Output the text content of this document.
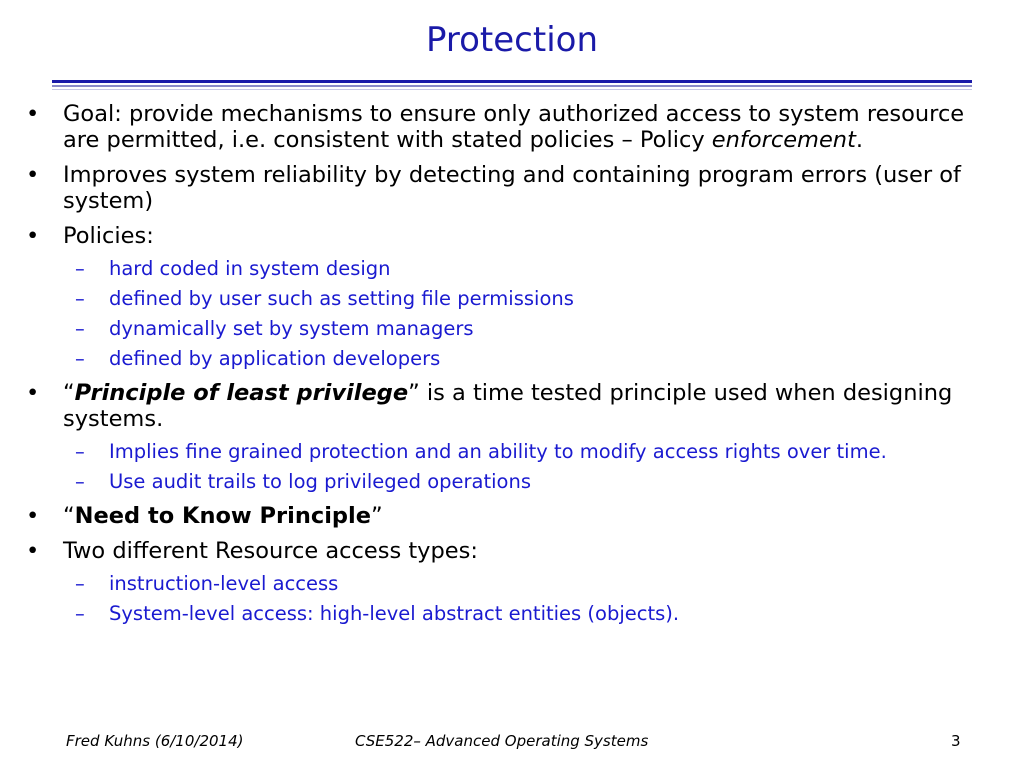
Protection
• Goal: provide mechanisms to ensure only authorized access to system resource are permitted, i.e. consistent with stated policies – Policy enforcement.
• Improves system reliability by detecting and containing program errors (user of system)
• Policies:
– hard coded in system design
– defined by user such as setting file permissions
– dynamically set by system managers
– defined by application developers
• “Principle of least privilege” is a time tested principle used when designing systems.
– Implies fine grained protection and an ability to modify access rights over time.
– Use audit trails to log privileged operations
• “Need to Know Principle”
• Two different Resource access types:
– instruction-level access
– System-level access: high-level abstract entities (objects).
Fred Kuhns (6/10/2014)	CSE522– Advanced Operating Systems	3
